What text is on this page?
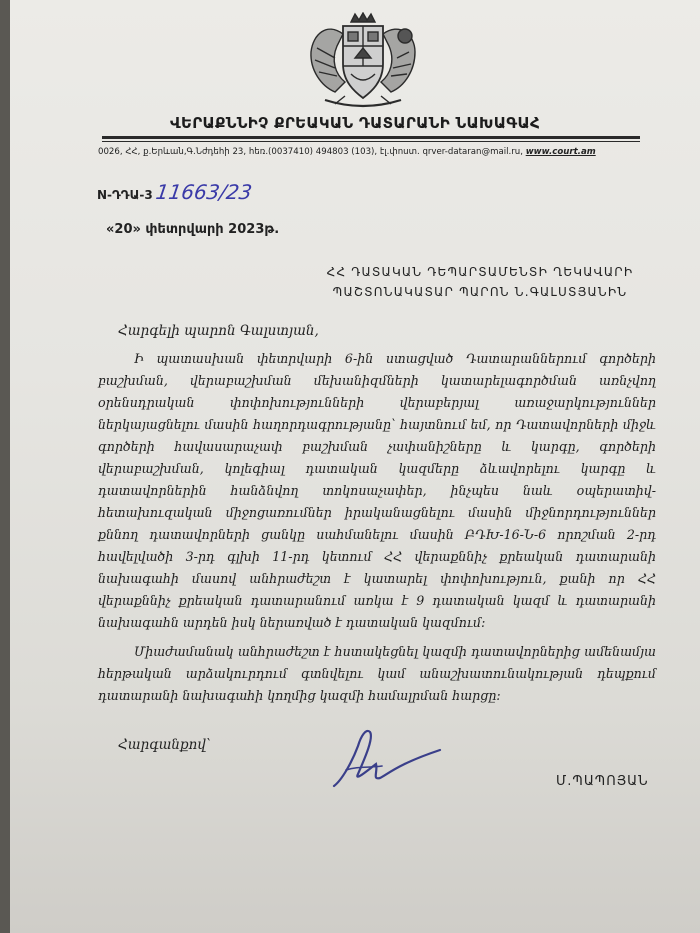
ՎԵՐԱՔՆՆԻՉ ՔՐԵԱԿԱՆ ԴԱՏԱՐԱՆԻ ՆԱԽԱԳԱՀ
0026, ՀՀ, ք.Երևան,Գ.Նժդեհի 23, հեռ.(0037410) 494803 (103), էլ.փոստ. qrver-dataran@mail.ru, www.court.am
N-ԴԴԱ-3 11663/23
«20» փետրվարի 2023թ.
ՀՀ ԴԱՏԱԿԱՆ ԴԵՊԱՐՏԱՄԵՆՏԻ ՂԵԿԱՎԱՐԻ
ՊԱՇՏՈՆԱԿԱՏԱՐ ՊԱՐՈՆ Ն.ԳԱԼՍՏՅԱՆԻՆ
Հարգելի պարոն Գալստյան,

Ի պատասխան փետրվարի 6-ին ստացված Դատարաններում գործերի բաշխման, վերաբաշխման մեխանիզմների կատարելագործման առնչվող օրենսդրական փոփոխությունների վերաբերյալ առաջարկություններ ներկայացնելու մասին հաղորդագրությանը՝ հայտնում եմ, որ Դատավորների միջև գործերի հավասարաչափ բաշխման չափանիշները և կարգը, գործերի վերաբաշխման, կոլեգիալ դատական կազմերը ձևավորելու կարգը և դատավորներին հանձնվող տոկոսաչափեր, ինչպես նաև օպերատիվ-հետախուզական միջոցառումներ իրականացնելու մասին միջնորդություններ քննող դատավորների ցանկը սահմանելու մասին ԲԴԽ-16-Ն-6 որոշման 2-րդ հավելվածի 3-րդ գլխի 11-րդ կետում ՀՀ վերաքննիչ քրեական դատարանի նախագահի մասով անհրաժեշտ է կատարել փոփոխություն, քանի որ ՀՀ վերաքննիչ քրեական դատարանում առկա է 9 դատական կազմ և դատարանի նախագահն արդեն իսկ ներառված է դատական կազմում:

Միաժամանակ անհրաժեշտ է հստակեցնել կազմի դատավորներից ամենամյա հերթական արձակուրդում գտնվելու կամ անաշխատունակության դեպքում դատարանի նախագահի կողմից կազմի համալրման հարցը:

Հարգանքով՝
Մ.ՊԱՊՈՅԱՆ
